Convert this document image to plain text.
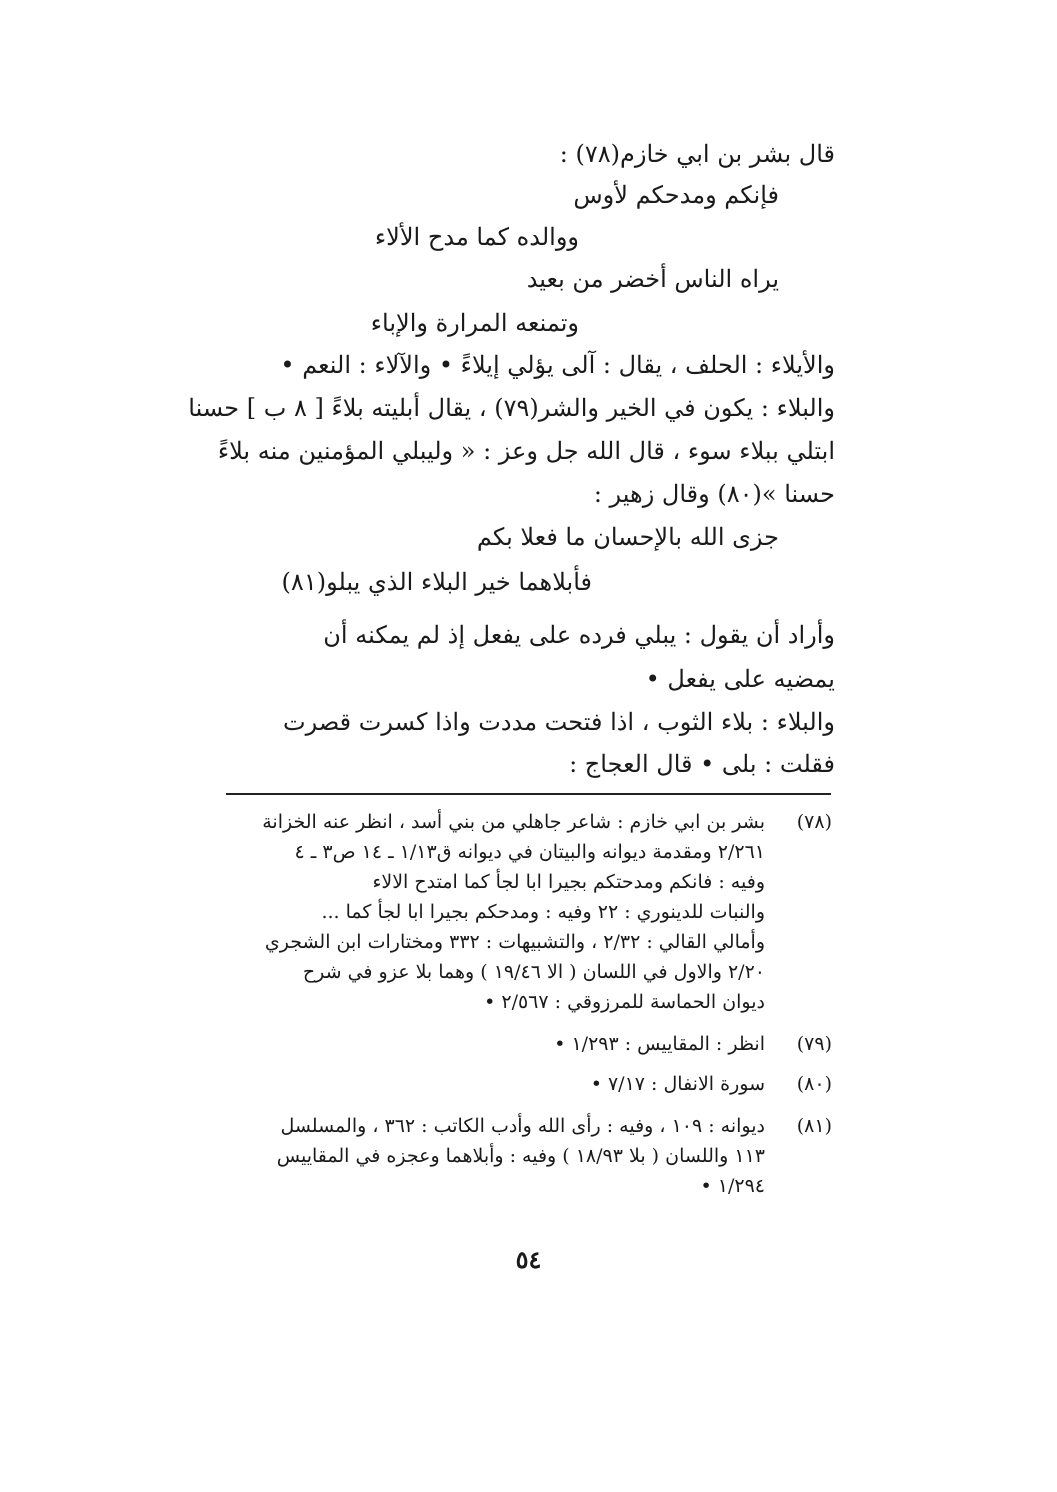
قال بشر بن ابي خازم(٧٨) :
فإنكم ومدحكم لأوس
ووالده كما مدح الألاء
يراه الناس أخضر من بعيد
وتمنعه المرارة والإباء
والأيلاء : الحلف ، يقال : آلى يؤلي إيلاءً • والآلاء : النعم •
والبلاء : يكون في الخير والشر(٧٩) ، يقال أبليته بلاءً [ ٨ ب ] حسنا
ابتلي ببلاء سوء ، قال الله جل وعز : « وليبلي المؤمنين منه بلاءً
حسنا »(٨٠) وقال زهير :
جزى الله بالإحسان ما فعلا بكم
فأبلاهما خير البلاء الذي يبلو(٨١)
وأراد أن يقول : يبلي فرده على يفعل إذ لم يمكنه أن
يمضيه على يفعل •
والبلاء : بلاء الثوب ، اذا فتحت مددت واذا كسرت قصرت
فقلت : بلى • قال العجاج :
(٧٨)
بشر بن ابي خازم : شاعر جاهلي من بني أسد ، انظر عنه الخزانة
٢/٢٦١ ومقدمة ديوانه والبيتان في ديوانه ق١/١٣ ـ ١٤ ص٣ ـ ٤
وفيه : فانكم ومدحتكم بجيرا ابا لجأ كما امتدح الالاء
والنبات للدينوري : ٢٢ وفيه : ومدحكم بجيرا ابا لجأ كما ...
وأمالي القالي : ٢/٣٢ ، والتشبيهات : ٣٣٢ ومختارات ابن الشجري
٢/٢٠ والاول في اللسان ( الا ١٩/٤٦ ) وهما بلا عزو في شرح
ديوان الحماسة للمرزوقي : ٢/٥٦٧ •
(٧٩)
انظر : المقاييس : ١/٢٩٣ •
(٨٠)
سورة الانفال : ٧/١٧ •
(٨١)
ديوانه : ١٠٩ ، وفيه : رأى الله وأدب الكاتب : ٣٦٢ ، والمسلسل
١١٣ واللسان ( بلا ١٨/٩٣ ) وفيه : وأبلاهما وعجزه في المقاييس
١/٢٩٤ •
٥٤
